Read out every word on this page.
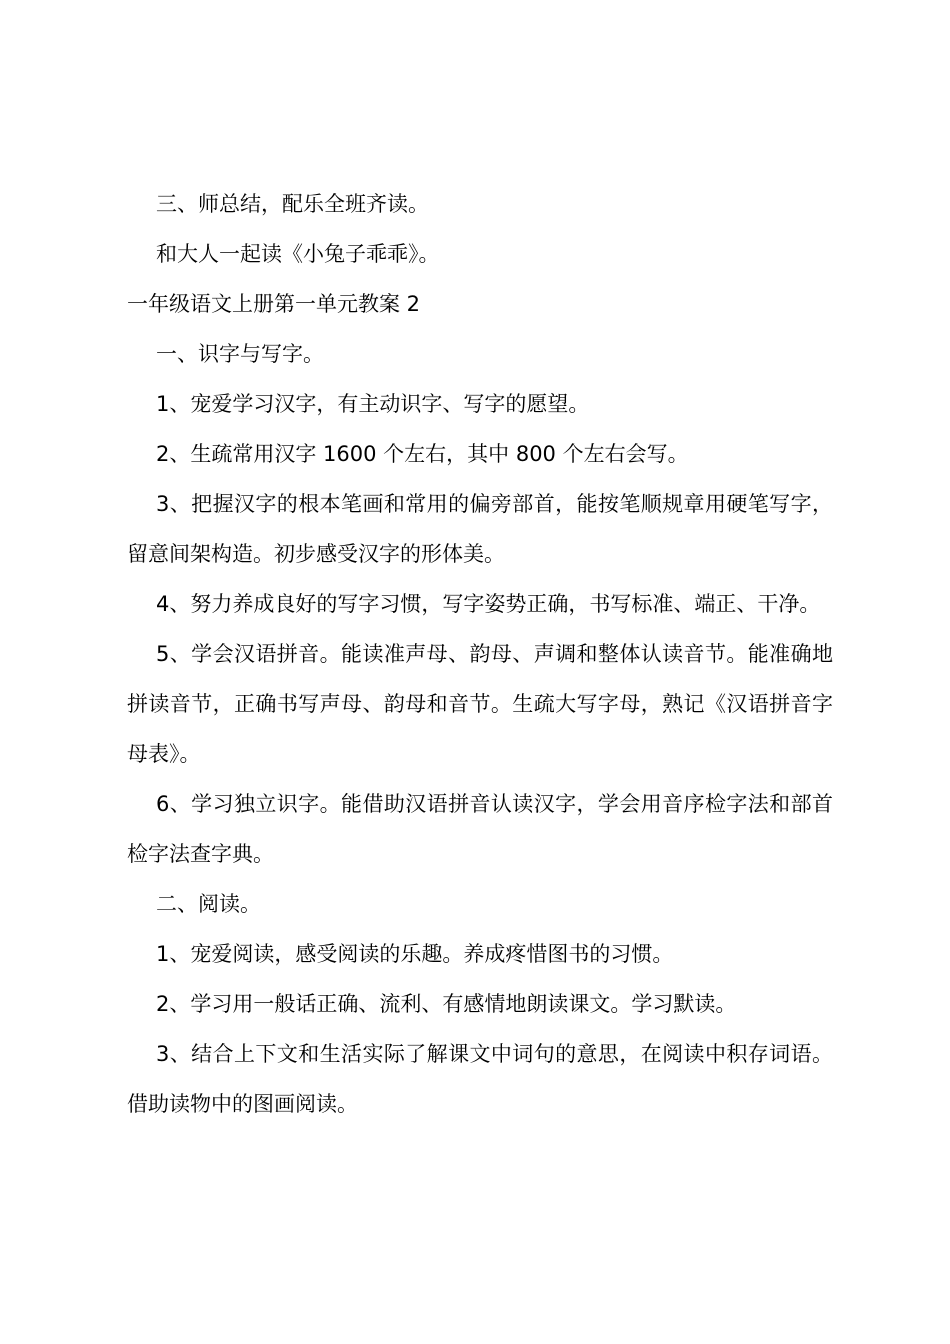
三、师总结，配乐全班齐读。

和大人一起读《小兔子乖乖》。

一年级语文上册第一单元教案 2

一、识字与写字。

1、宠爱学习汉字，有主动识字、写字的愿望。

2、生疏常用汉字 1600 个左右，其中 800 个左右会写。

3、把握汉字的根本笔画和常用的偏旁部首，能按笔顺规章用硬笔写字，留意间架构造。初步感受汉字的形体美。

4、努力养成良好的写字习惯，写字姿势正确，书写标准、端正、干净。

5、学会汉语拼音。能读准声母、韵母、声调和整体认读音节。能准确地拼读音节，正确书写声母、韵母和音节。生疏大写字母，熟记《汉语拼音字母表》。

6、学习独立识字。能借助汉语拼音认读汉字，学会用音序检字法和部首检字法查字典。

二、阅读。

1、宠爱阅读，感受阅读的乐趣。养成疼惜图书的习惯。

2、学习用一般话正确、流利、有感情地朗读课文。学习默读。

3、结合上下文和生活实际了解课文中词句的意思，在阅读中积存词语。借助读物中的图画阅读。
